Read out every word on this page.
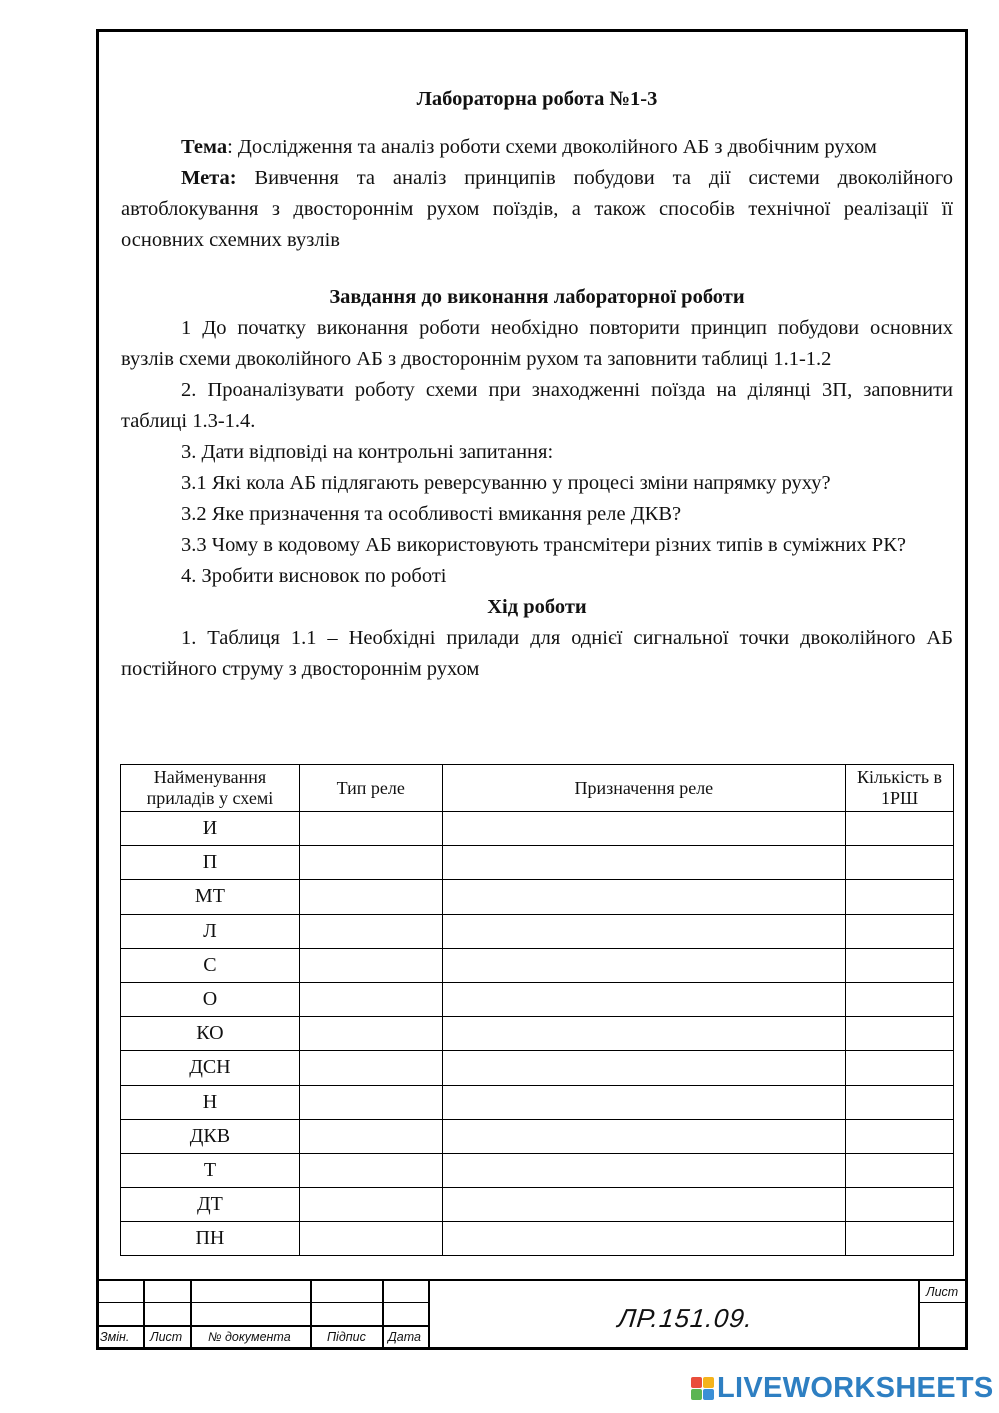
Лабораторна робота №1-3

Тема: Дослідження та аналіз роботи схеми двоколійного АБ з двобічним рухом

Мета: Вивчення та аналіз принципів побудови та дії системи двоколійного автоблокування з двостороннім рухом поїздів, а також способів технічної реалізації її основних схемних вузлів

Завдання до виконання лабораторної роботи

1 До початку виконання роботи необхідно повторити принцип побудови основних вузлів схеми двоколійного АБ з двостороннім рухом та заповнити таблиці 1.1-1.2

2. Проаналізувати роботу схеми при знаходженні поїзда на ділянці 3П, заповнити таблиці 1.3-1.4.

3. Дати відповіді на контрольні запитання:

3.1 Які кола АБ підлягають реверсуванню у процесі зміни напрямку руху?

3.2 Яке призначення та особливості вмикання реле ДКВ?

3.3 Чому в кодовому АБ використовують трансмітери різних типів в суміжних РК?

4. Зробити висновок по роботі

Хід роботи

1. Таблиця 1.1 – Необхідні прилади для однієї сигнальної точки двоколійного АБ постійного струму з двостороннім рухом

Найменування приладів у схемі	Тип реле	Призначення реле	Кількість в 1РШ
И			
П			
МТ			
Л			
С			
О			
КО			
ДСН			
Н			
ДКВ			
Т			
ДТ			
ПН			
Змін. Лист № документа	Підпис Дата
Лист
ЛР.151.09.
LIVEWORKSHEETS
